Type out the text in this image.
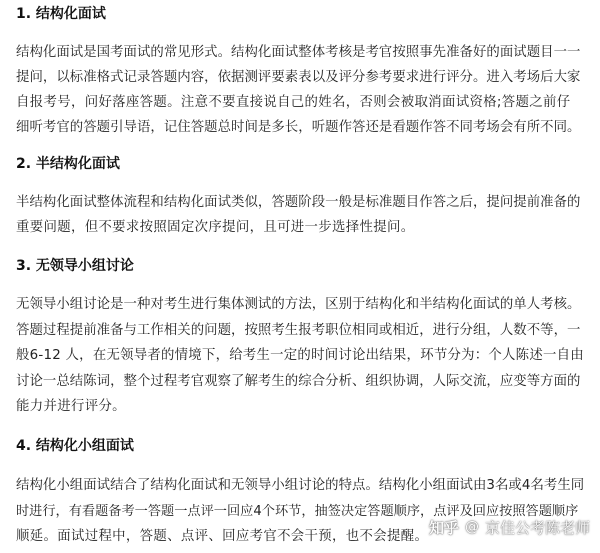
1. 结构化面试
结构化面试是国考面试的常见形式。结构化面试整体考核是考官按照事先准备好的面试题目一一
提问，以标准格式记录答题内容，依据测评要素表以及评分参考要求进行评分。进入考场后大家
自报考号，问好落座答题。注意不要直接说自己的姓名，否则会被取消面试资格;答题之前仔
细听考官的答题引导语，记住答题总时间是多长，听题作答还是看题作答不同考场会有所不同。
2. 半结构化面试
半结构化面试整体流程和结构化面试类似，答题阶段一般是标准题目作答之后，提问提前准备的
重要问题，但不要求按照固定次序提问，且可进一步选择性提问。
3. 无领导小组讨论
无领导小组讨论是一种对考生进行集体测试的方法，区别于结构化和半结构化面试的单人考核。
答题过程提前准备与工作相关的问题，按照考生报考职位相同或相近，进行分组，人数不等，一
般6-12 人，在无领导者的情境下，给考生一定的时间讨论出结果，环节分为：个人陈述一自由
讨论一总结陈词，整个过程考官观察了解考生的综合分析、组织协调，人际交流，应变等方面的
能力并进行评分。
4. 结构化小组面试
结构化小组面试结合了结构化面试和无领导小组讨论的特点。结构化小组面试由3名或4名考生同
时进行，有看题备考一答题一点评一回应4个环节，抽签决定答题顺序，点评及回应按照答题顺序
顺延。面试过程中，答题、点评、回应考官不会干预，也不会提醒。 知乎 @ 京佳公考陈老师
